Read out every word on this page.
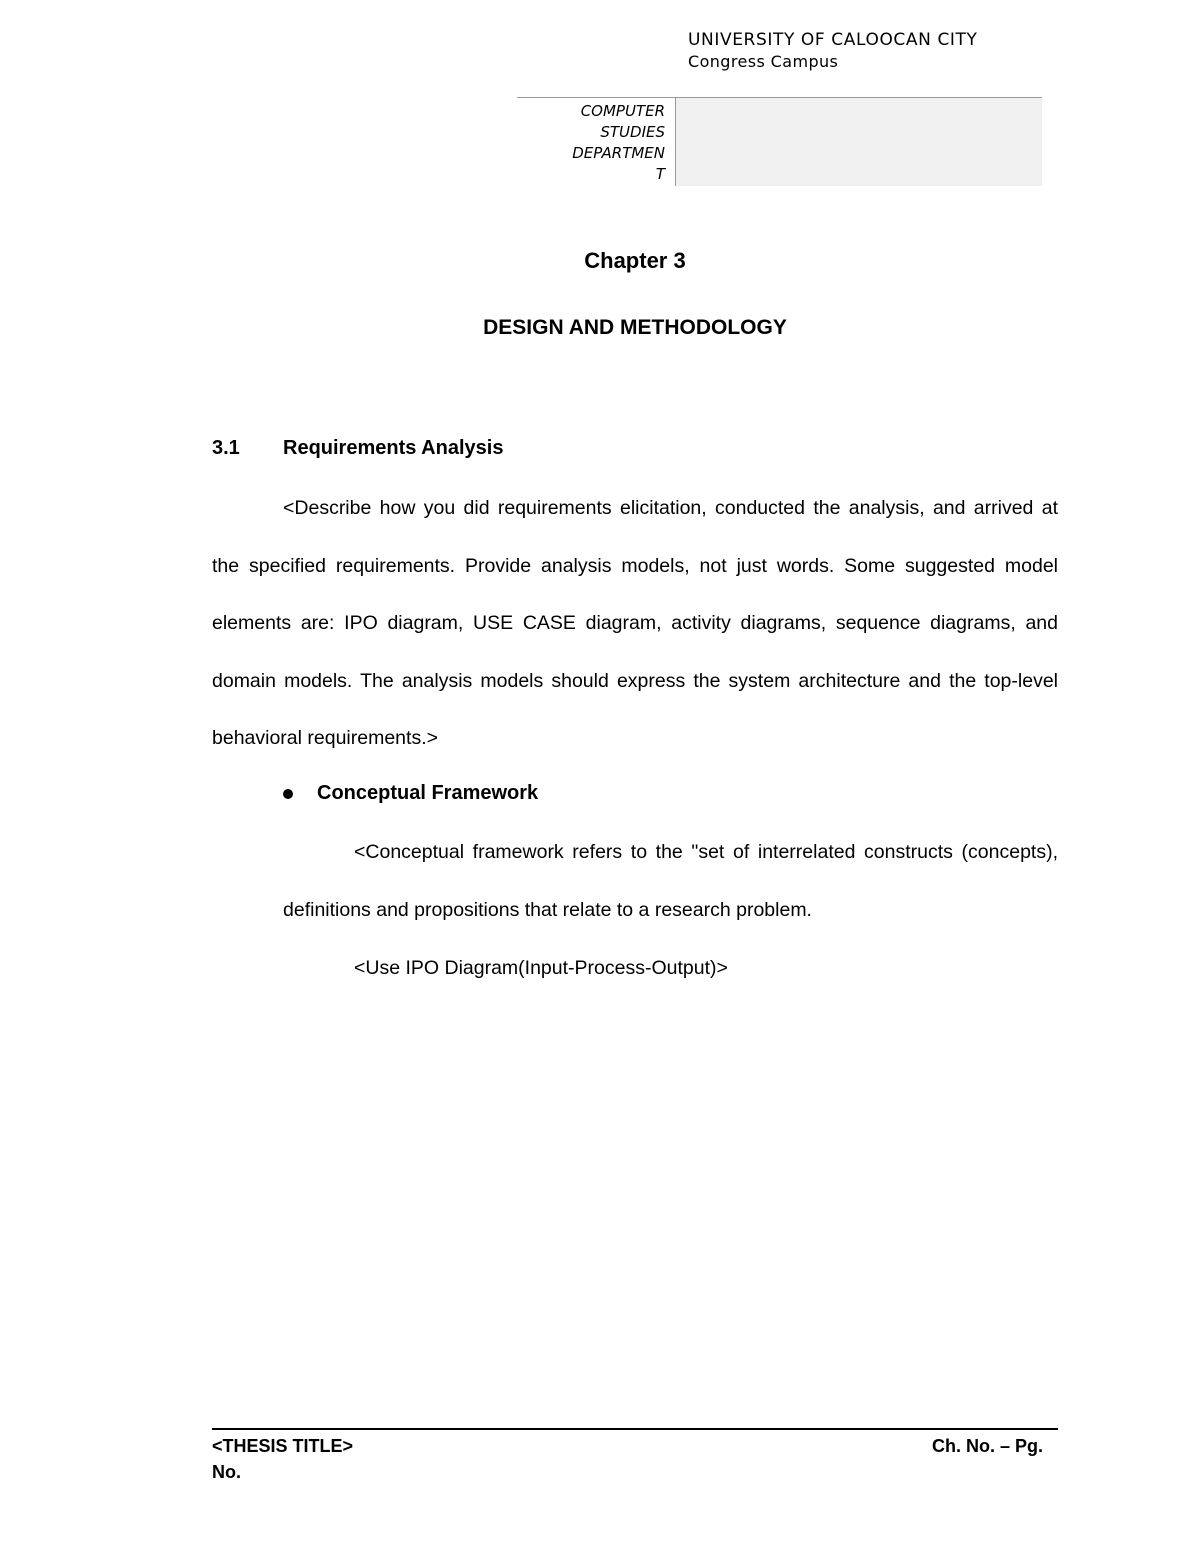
UNIVERSITY OF CALOOCAN CITY
Congress Campus
COMPUTER
STUDIES
DEPARTMEN
T
Chapter 3
DESIGN AND METHODOLOGY
3.1 Requirements Analysis
<Describe how you did requirements elicitation, conducted the analysis, and arrived at the specified requirements. Provide analysis models, not just words. Some suggested model elements are: IPO diagram, USE CASE diagram, activity diagrams, sequence diagrams, and domain models. The analysis models should express the system architecture and the top-level behavioral requirements.>
Conceptual Framework
<Conceptual framework refers to the "set of interrelated constructs (concepts), definitions and propositions that relate to a research problem.
<Use IPO Diagram(Input-Process-Output)>
<THESIS TITLE>
No.
Ch. No. – Pg.
